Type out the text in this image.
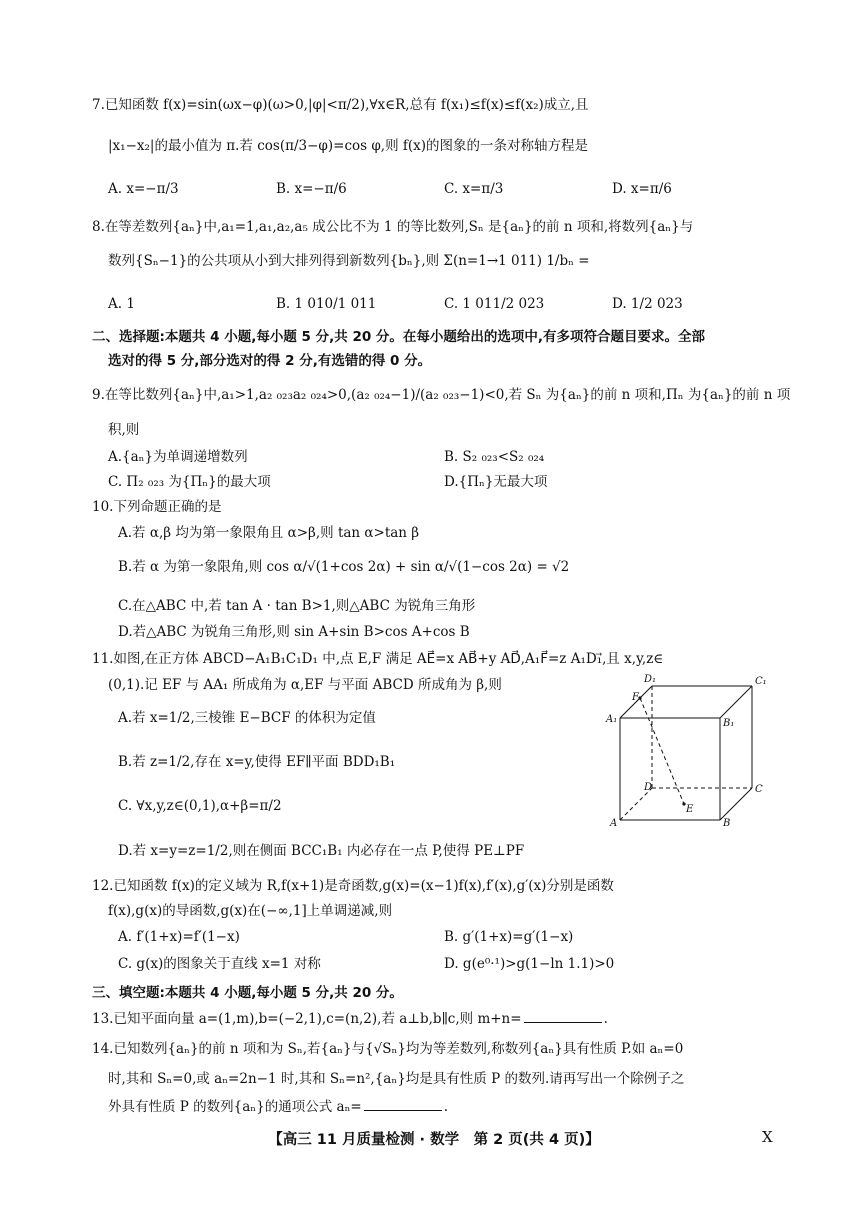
7.已知函数 f(x)=sin(ωx−φ)(ω>0,|φ|<π/2),∀x∈R,总有 f(x₁)≤f(x)≤f(x₂)成立,且
|x₁−x₂|的最小值为 π.若 cos(π/3−φ)=cos φ,则 f(x)的图象的一条对称轴方程是
A. x=−π/3	B. x=−π/6	C. x=π/3	D. x=π/6
8.在等差数列{aₙ}中,a₁=1,a₁,a₂,a₅ 成公比不为 1 的等比数列,Sₙ 是{aₙ}的前 n 项和,将数列{aₙ}与
数列{Sₙ−1}的公共项从小到大排列得到新数列{bₙ},则 Σ(n=1→1 011) 1/bₙ =
A. 1	B. 1 010/1 011	C. 1 011/2 023	D. 1/2 023
二、选择题:本题共 4 小题,每小题 5 分,共 20 分。在每小题给出的选项中,有多项符合题目要求。全部
选对的得 5 分,部分选对的得 2 分,有选错的得 0 分。
9.在等比数列{aₙ}中,a₁>1,a₂ ₀₂₃a₂ ₀₂₄>0,(a₂ ₀₂₄−1)/(a₂ ₀₂₃−1)<0,若 Sₙ 为{aₙ}的前 n 项和,Πₙ 为{aₙ}的前 n 项
积,则
A.{aₙ}为单调递增数列	B. S₂ ₀₂₃<S₂ ₀₂₄
C. Π₂ ₀₂₃ 为{Πₙ}的最大项	D.{Πₙ}无最大项
10.下列命题正确的是
A.若 α,β 均为第一象限角且 α>β,则 tan α>tan β
B.若 α 为第一象限角,则 cos α/√(1+cos 2α) + sin α/√(1−cos 2α) = √2
C.在△ABC 中,若 tan A · tan B>1,则△ABC 为锐角三角形
D.若△ABC 为锐角三角形,则 sin A+sin B>cos A+cos B
11.如图,在正方体 ABCD−A₁B₁C₁D₁ 中,点 E,F 满足 AE⃗=x AB⃗+y AD⃗,A₁F⃗=z A₁D₁⃗,且 x,y,z∈
(0,1).记 EF 与 AA₁ 所成角为 α,EF 与平面 ABCD 所成角为 β,则
A.若 x=1/2,三棱锥 E−BCF 的体积为定值
B.若 z=1/2,存在 x=y,使得 EF∥平面 BDD₁B₁
C. ∀x,y,z∈(0,1),α+β=π/2
D.若 x=y=z=1/2,则在侧面 BCC₁B₁ 内必存在一点 P,使得 PE⊥PF
D₁	C₁
A₁	B₁
F
D	C
E
A	B
12.已知函数 f(x)的定义域为 R,f(x+1)是奇函数,g(x)=(x−1)f(x),f′(x),g′(x)分别是函数
f(x),g(x)的导函数,g(x)在(−∞,1]上单调递减,则
A. f′(1+x)=f′(1−x)	B. g′(1+x)=g′(1−x)
C. g(x)的图象关于直线 x=1 对称	D. g(e⁰·¹)>g(1−ln 1.1)>0
三、填空题:本题共 4 小题,每小题 5 分,共 20 分。
13.已知平面向量 a=(1,m),b=(−2,1),c=(n,2),若 a⊥b,b∥c,则 m+n=	.
14.已知数列{aₙ}的前 n 项和为 Sₙ,若{aₙ}与{√Sₙ}均为等差数列,称数列{aₙ}具有性质 P.如 aₙ=0
时,其和 Sₙ=0,或 aₙ=2n−1 时,其和 Sₙ=n²,{aₙ}均是具有性质 P 的数列.请再写出一个除例子之
外具有性质 P 的数列{aₙ}的通项公式 aₙ=	.
【高三 11 月质量检测 · 数学　第 2 页(共 4 页)】	X
